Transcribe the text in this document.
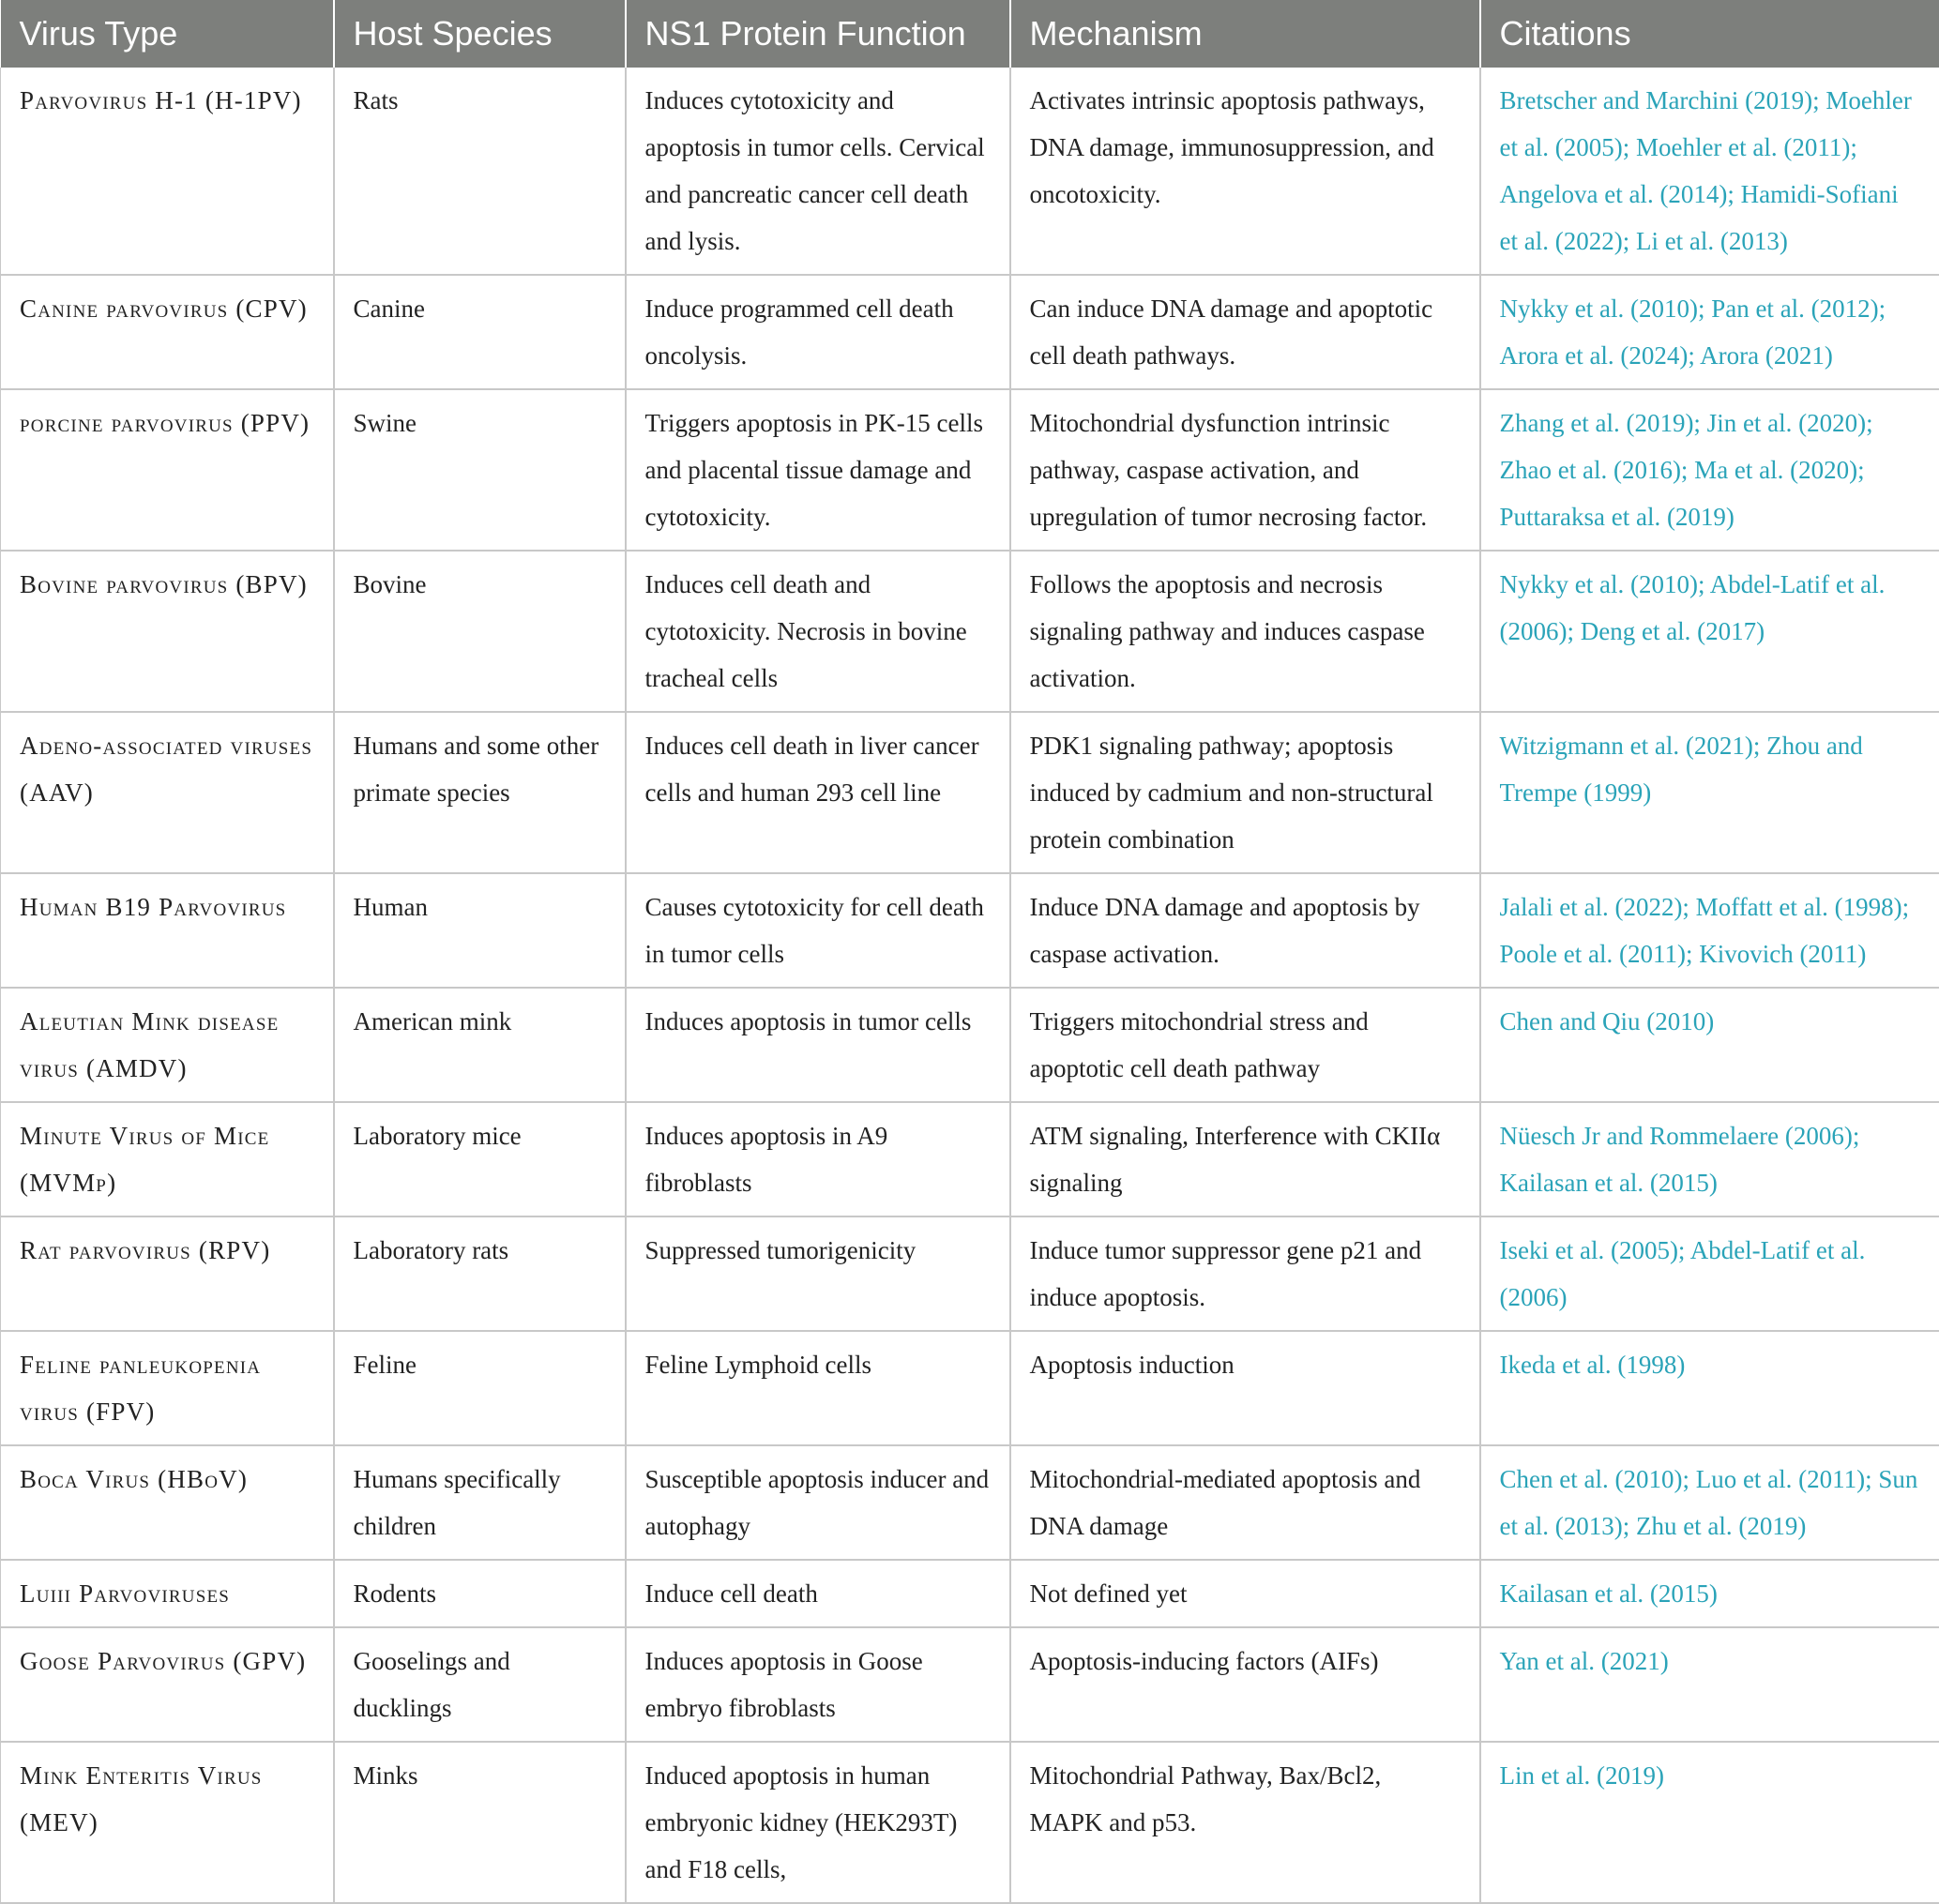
Virus Type	Host Species	NS1 Protein Function	Mechanism	Citations
Parvovirus H-1 (H-1PV)	Rats	Induces cytotoxicity and apoptosis in tumor cells. Cervical and pancreatic cancer cell death and lysis.	Activates intrinsic apoptosis pathways, DNA damage, immunosuppression, and oncotoxicity.	Bretscher and Marchini (2019); Moehler et al. (2005); Moehler et al. (2011); Angelova et al. (2014); Hamidi-Sofiani et al. (2022); Li et al. (2013)
Canine parvovirus (CPV)	Canine	Induce programmed cell death oncolysis.	Can induce DNA damage and apoptotic cell death pathways.	Nykky et al. (2010); Pan et al. (2012); Arora et al. (2024); Arora (2021)
porcine parvovirus (PPV)	Swine	Triggers apoptosis in PK-15 cells and placental tissue damage and cytotoxicity.	Mitochondrial dysfunction intrinsic pathway, caspase activation, and upregulation of tumor necrosing factor.	Zhang et al. (2019); Jin et al. (2020); Zhao et al. (2016); Ma et al. (2020); Puttaraksa et al. (2019)
Bovine parvovirus (BPV)	Bovine	Induces cell death and cytotoxicity. Necrosis in bovine tracheal cells	Follows the apoptosis and necrosis signaling pathway and induces caspase activation.	Nykky et al. (2010); Abdel-Latif et al. (2006); Deng et al. (2017)
Adeno-associated viruses (AAV)	Humans and some other primate species	Induces cell death in liver cancer cells and human 293 cell line	PDK1 signaling pathway; apoptosis induced by cadmium and non-structural protein combination	Witzigmann et al. (2021); Zhou and Trempe (1999)
Human B19 Parvovirus	Human	Causes cytotoxicity for cell death in tumor cells	Induce DNA damage and apoptosis by caspase activation.	Jalali et al. (2022); Moffatt et al. (1998); Poole et al. (2011); Kivovich (2011)
Aleutian Mink disease virus (AMDV)	American mink	Induces apoptosis in tumor cells	Triggers mitochondrial stress and apoptotic cell death pathway	Chen and Qiu (2010)
Minute Virus of Mice (MVMp)	Laboratory mice	Induces apoptosis in A9 fibroblasts	ATM signaling, Interference with CKIIα signaling	Nüesch Jr and Rommelaere (2006); Kailasan et al. (2015)
Rat parvovirus (RPV)	Laboratory rats	Suppressed tumorigenicity	Induce tumor suppressor gene p21 and induce apoptosis.	Iseki et al. (2005); Abdel-Latif et al. (2006)
Feline panleukopenia virus (FPV)	Feline	Feline Lymphoid cells	Apoptosis induction	Ikeda et al. (1998)
Boca Virus (HBoV)	Humans specifically children	Susceptible apoptosis inducer and autophagy	Mitochondrial-mediated apoptosis and DNA damage	Chen et al. (2010); Luo et al. (2011); Sun et al. (2013); Zhu et al. (2019)
Luiii Parvoviruses	Rodents	Induce cell death	Not defined yet	Kailasan et al. (2015)
Goose Parvovirus (GPV)	Gooselings and ducklings	Induces apoptosis in Goose embryo fibroblasts	Apoptosis-inducing factors (AIFs)	Yan et al. (2021)
Mink Enteritis Virus (MEV)	Minks	Induced apoptosis in human embryonic kidney (HEK293T) and F18 cells,	Mitochondrial Pathway, Bax/Bcl2, MAPK and p53.	Lin et al. (2019)
